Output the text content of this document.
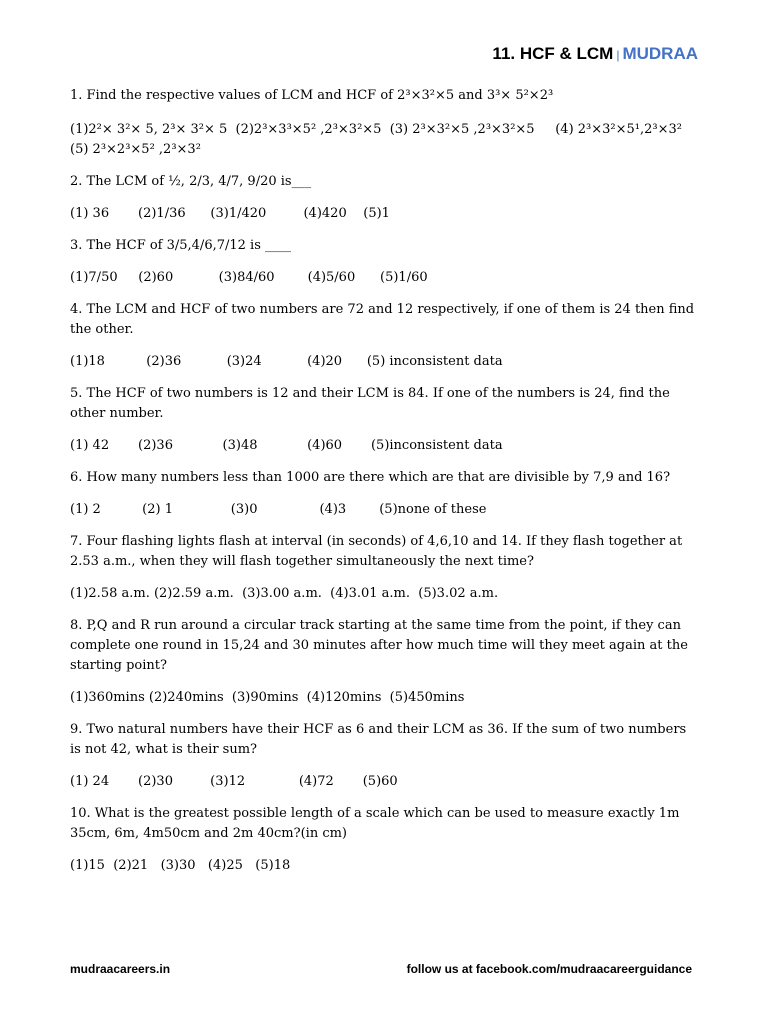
11. HCF & LCM | MUDRAA

1. Find the respective values of LCM and HCF of 2³×3²×5 and 3³× 5²×2³

(1)2²× 3²× 5, 2³× 3²× 5  (2)2³×3³×5² ,2³×3²×5  (3) 2³×3²×5 ,2³×3²×5     (4) 2³×3²×5¹,2³×3²

(5) 2³×2³×5² ,2³×3²

2. The LCM of ½, 2/3, 4/7, 9/20 is___

(1) 36       (2)1/36      (3)1/420         (4)420    (5)1

3. The HCF of 3/5,4/6,7/12 is ____

(1)7/50     (2)60           (3)84/60        (4)5/60      (5)1/60

4. The LCM and HCF of two numbers are 72 and 12 respectively, if one of them is 24 then find the other.

(1)18          (2)36           (3)24           (4)20      (5) inconsistent data

5. The HCF of two numbers is 12 and their LCM is 84. If one of the numbers is 24, find the other number.

(1) 42       (2)36            (3)48            (4)60       (5)inconsistent data

6. How many numbers less than 1000 are there which are that are divisible by 7,9 and 16?

(1) 2          (2) 1              (3)0               (4)3        (5)none of these

7. Four flashing lights flash at interval (in seconds) of 4,6,10 and 14. If they flash together at 2.53 a.m., when they will flash together simultaneously the next time?

(1)2.58 a.m. (2)2.59 a.m.  (3)3.00 a.m.  (4)3.01 a.m.  (5)3.02 a.m.

8. P,Q and R run around a circular track starting at the same time from the point, if they can complete one round in 15,24 and 30 minutes after how much time will they meet again at the starting point?

(1)360mins (2)240mins  (3)90mins  (4)120mins  (5)450mins

9. Two natural numbers have their HCF as 6 and their LCM as 36. If the sum of two numbers is not 42, what is their sum?

(1) 24       (2)30         (3)12             (4)72       (5)60

10. What is the greatest possible length of a scale which can be used to measure exactly 1m 35cm, 6m, 4m50cm and 2m 40cm?(in cm)

(1)15  (2)21   (3)30   (4)25   (5)18

mudraacareers.in	follow us at facebook.com/mudraacareerguidance
